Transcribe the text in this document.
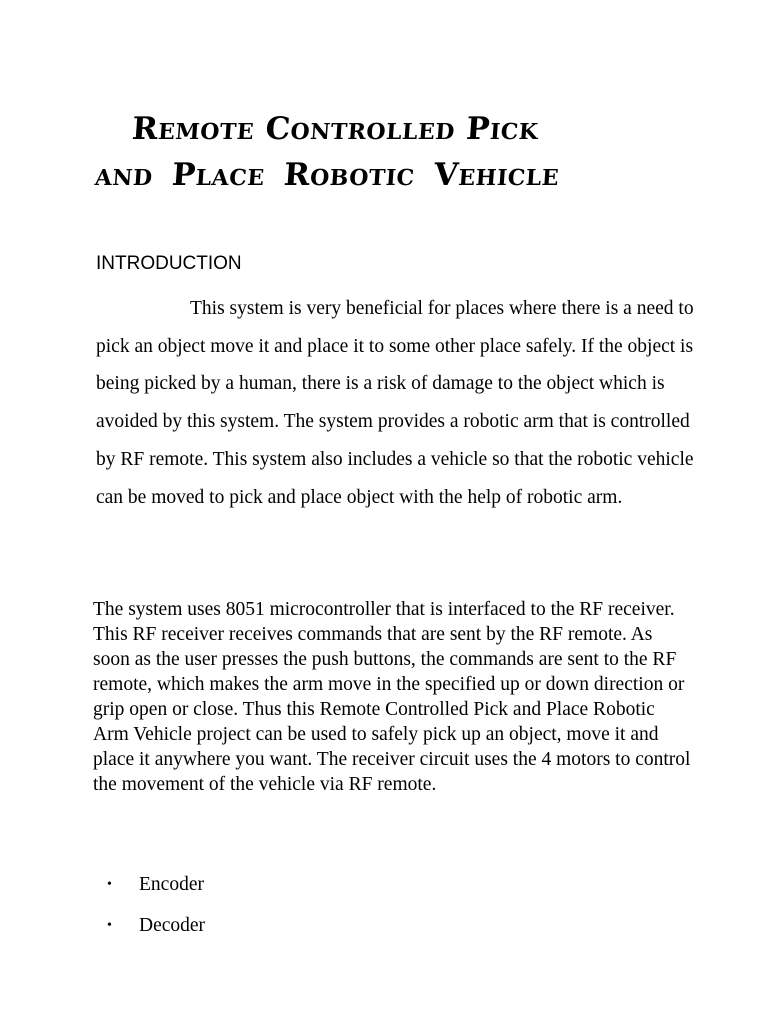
Remote Controlled Pick
and Place Robotic Vehicle
INTRODUCTION

This system is very beneficial for places where there is a need to pick an object move it and place it to some other place safely. If the object is being picked by a human, there is a risk of damage to the object which is avoided by this system. The system provides a robotic arm that is controlled by RF remote. This system also includes a vehicle so that the robotic vehicle can be moved to pick and place object with the help of robotic arm.

The system uses 8051 microcontroller that is interfaced to the RF receiver. This RF receiver receives commands that are sent by the RF remote. As soon as the user presses the push buttons, the commands are sent to the RF remote, which makes the arm move in the specified up or down direction or grip open or close. Thus this Remote Controlled Pick and Place Robotic Arm Vehicle project can be used to safely pick up an object, move it and place it anywhere you want. The receiver circuit uses the 4 motors to control the movement of the vehicle via RF remote.

•	Encoder
•	Decoder
